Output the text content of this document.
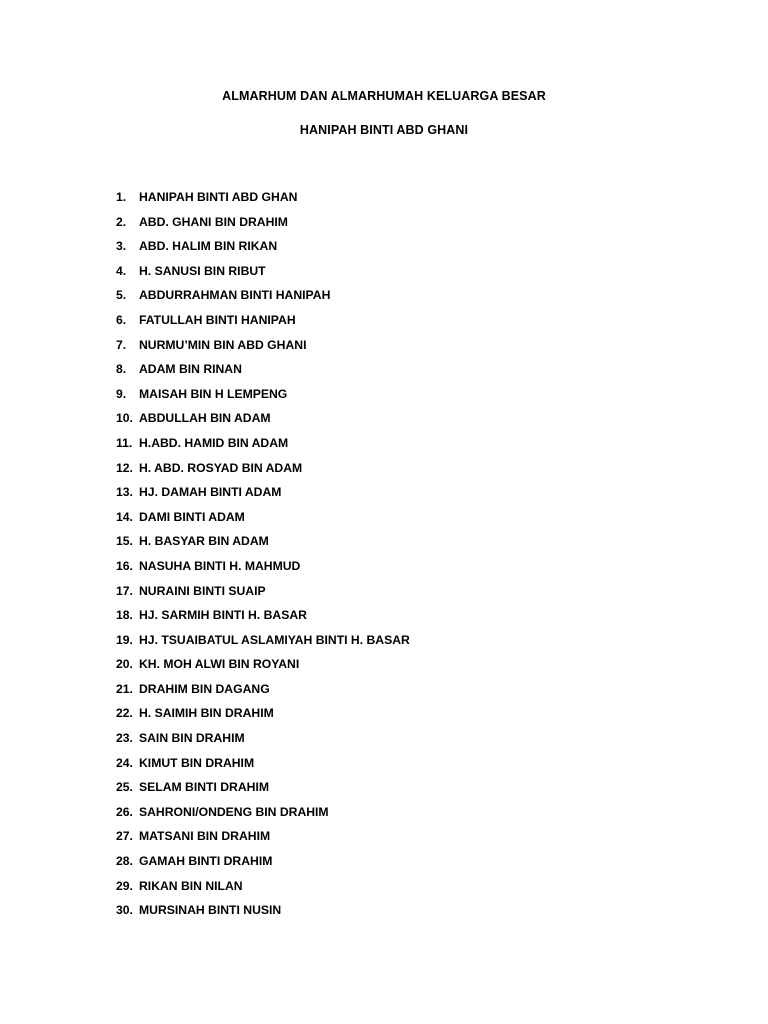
ALMARHUM DAN ALMARHUMAH KELUARGA BESAR
HANIPAH BINTI ABD GHANI
1. HANIPAH BINTI ABD GHAN
2. ABD. GHANI BIN DRAHIM
3. ABD. HALIM BIN RIKAN
4. H. SANUSI BIN RIBUT
5. ABDURRAHMAN BINTI HANIPAH
6. FATULLAH BINTI HANIPAH
7. NURMU’MIN BIN ABD GHANI
8. ADAM BIN RINAN
9. MAISAH BIN H LEMPENG
10. ABDULLAH BIN ADAM
11. H.ABD. HAMID BIN ADAM
12. H. ABD. ROSYAD BIN ADAM
13. HJ. DAMAH BINTI ADAM
14. DAMI BINTI ADAM
15. H. BASYAR BIN ADAM
16. NASUHA BINTI H. MAHMUD
17. NURAINI BINTI SUAIP
18. HJ. SARMIH BINTI H. BASAR
19. HJ. TSUAIBATUL ASLAMIYAH BINTI H. BASAR
20. KH. MOH ALWI BIN ROYANI
21. DRAHIM BIN DAGANG
22. H. SAIMIH BIN DRAHIM
23. SAIN BIN DRAHIM
24. KIMUT BIN DRAHIM
25. SELAM BINTI DRAHIM
26. SAHRONI/ONDENG BIN DRAHIM
27. MATSANI BIN DRAHIM
28. GAMAH BINTI DRAHIM
29. RIKAN BIN NILAN
30. MURSINAH BINTI NUSIN
